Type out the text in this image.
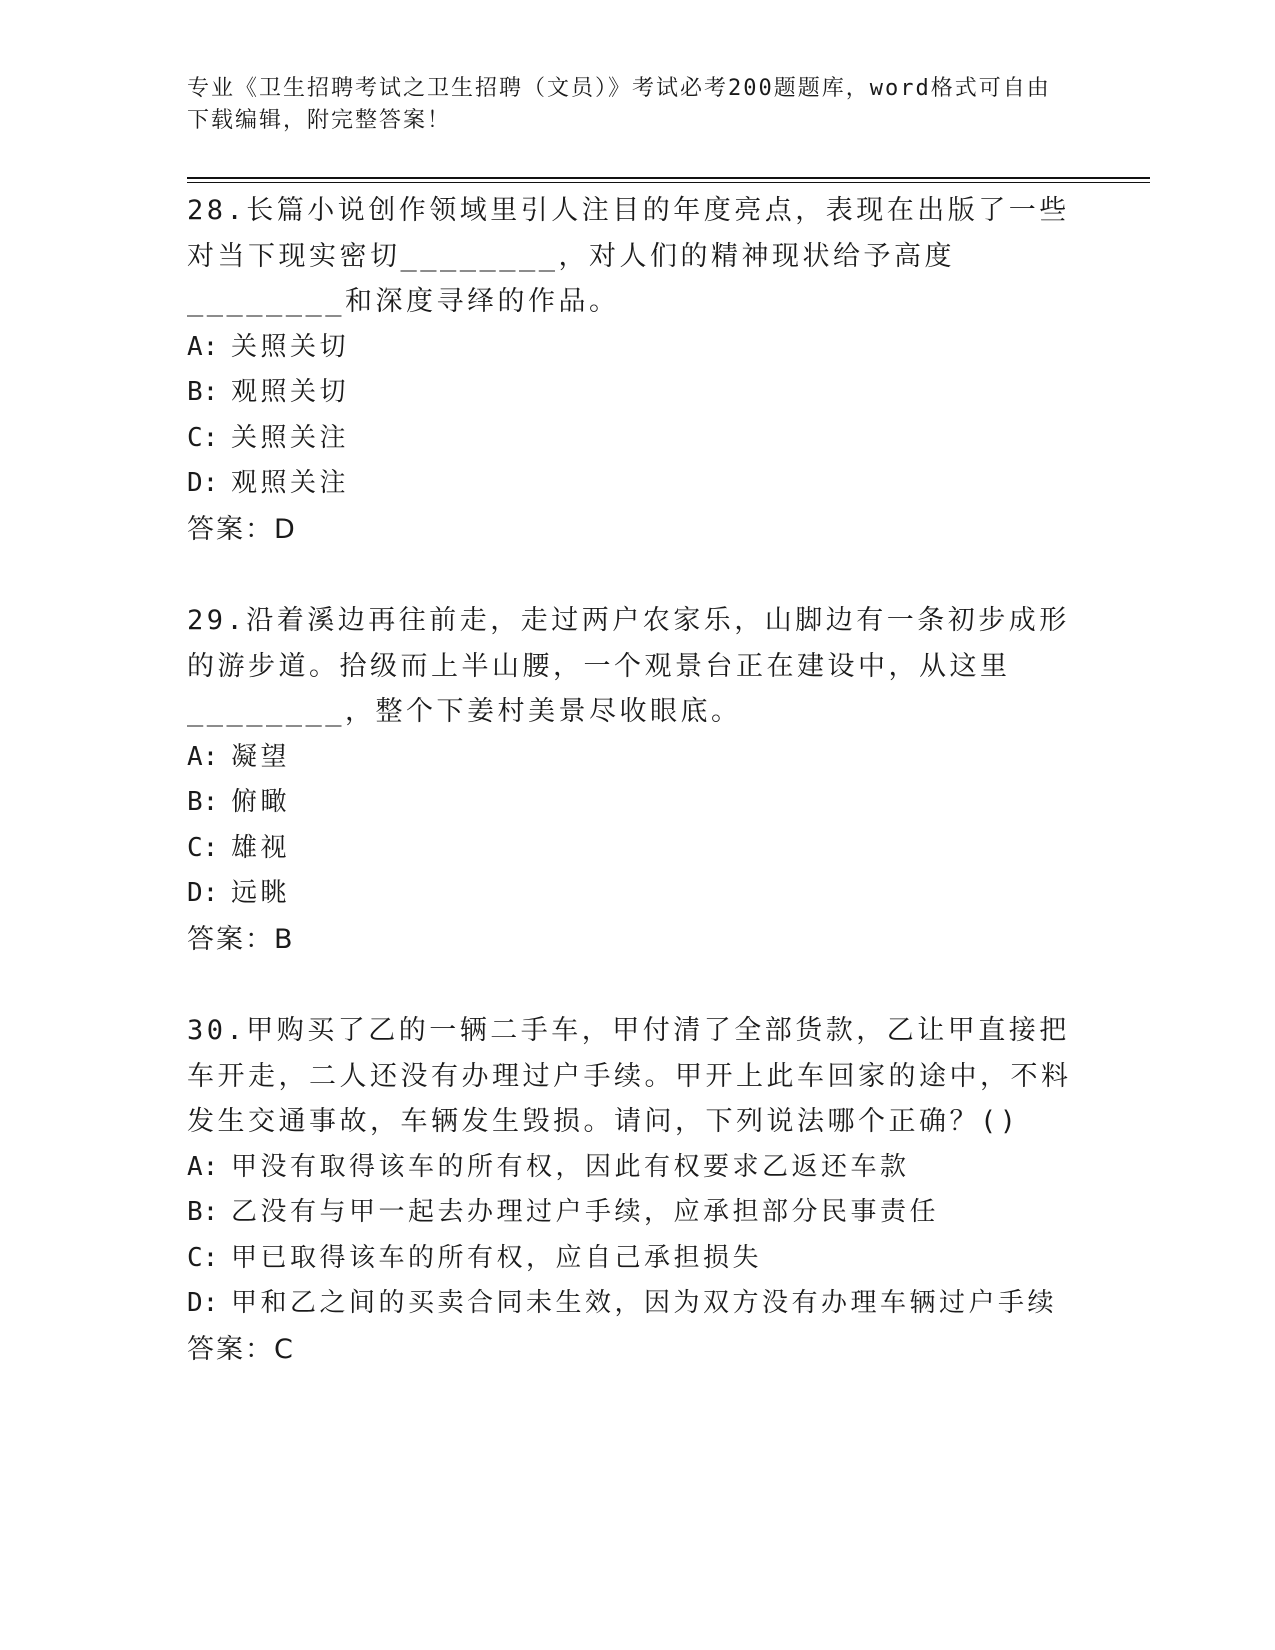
专业《卫生招聘考试之卫生招聘（文员）》考试必考200题题库，word格式可自由下载编辑，附完整答案！

28.长篇小说创作领域里引人注目的年度亮点，表现在出版了一些对当下现实密切________，对人们的精神现状给予高度________和深度寻绎的作品。

A: 关照关切

B: 观照关切

C: 关照关注

D: 观照关注

答案：D

29.沿着溪边再往前走，走过两户农家乐，山脚边有一条初步成形的游步道。拾级而上半山腰，一个观景台正在建设中，从这里________，整个下姜村美景尽收眼底。

A: 凝望

B: 俯瞰

C: 雄视

D: 远眺

答案：B

30.甲购买了乙的一辆二手车，甲付清了全部货款，乙让甲直接把车开走，二人还没有办理过户手续。甲开上此车回家的途中，不料发生交通事故，车辆发生毁损。请问，下列说法哪个正确？()

A: 甲没有取得该车的所有权，因此有权要求乙返还车款

B: 乙没有与甲一起去办理过户手续，应承担部分民事责任

C: 甲已取得该车的所有权，应自己承担损失

D: 甲和乙之间的买卖合同未生效，因为双方没有办理车辆过户手续

答案：C
